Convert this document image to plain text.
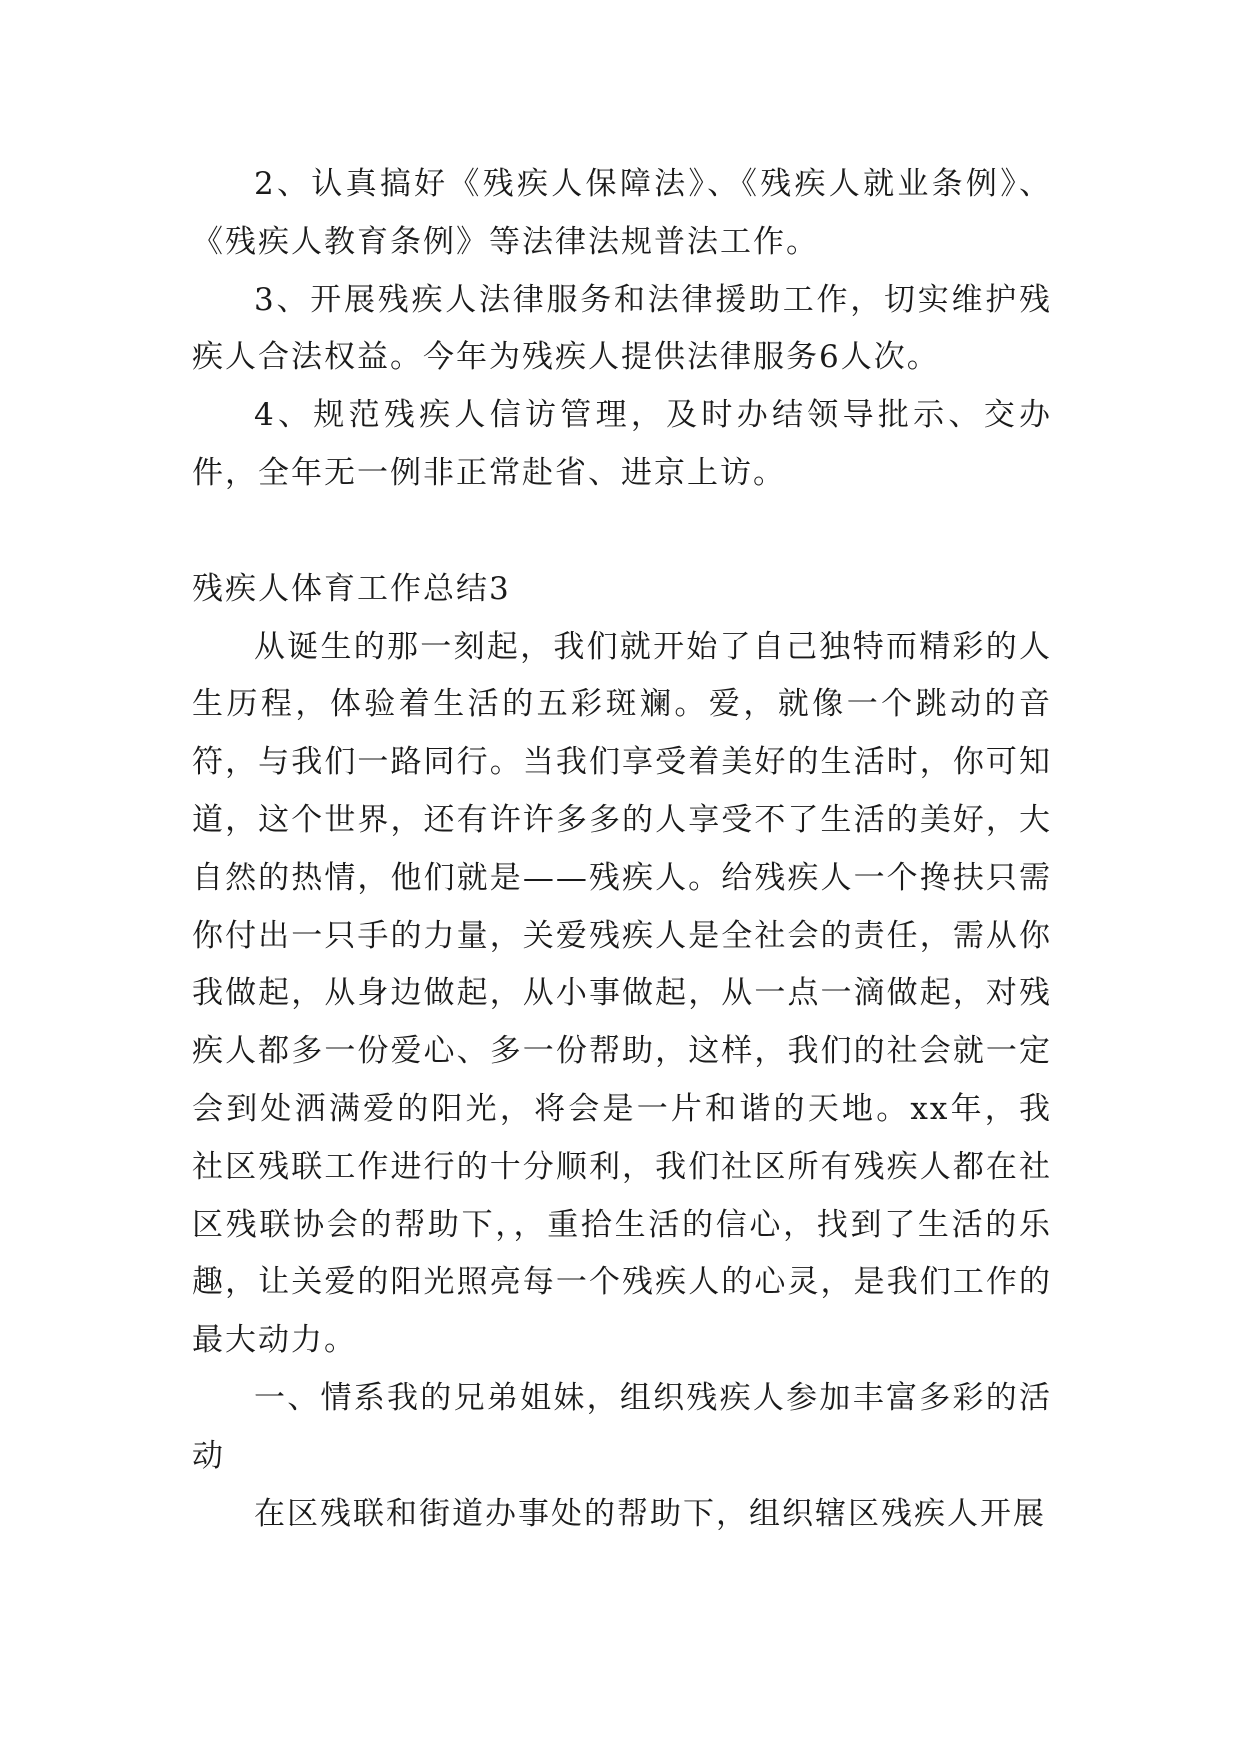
2、认真搞好《残疾人保障法》、《残疾人就业条例》、《残疾人教育条例》等法律法规普法工作。

3、开展残疾人法律服务和法律援助工作，切实维护残疾人合法权益。今年为残疾人提供法律服务6人次。

4、规范残疾人信访管理，及时办结领导批示、交办件，全年无一例非正常赴省、进京上访。

残疾人体育工作总结3

从诞生的那一刻起，我们就开始了自己独特而精彩的人生历程，体验着生活的五彩斑斓。爱，就像一个跳动的音符，与我们一路同行。当我们享受着美好的生活时，你可知道，这个世界，还有许许多多的人享受不了生活的美好，大自然的热情，他们就是——残疾人。给残疾人一个搀扶只需你付出一只手的力量，关爱残疾人是全社会的责任，需从你我做起，从身边做起，从小事做起，从一点一滴做起，对残疾人都多一份爱心、多一份帮助，这样，我们的社会就一定会到处洒满爱的阳光，将会是一片和谐的天地。xx年，我社区残联工作进行的十分顺利，我们社区所有残疾人都在社区残联协会的帮助下，，重拾生活的信心，找到了生活的乐趣，让关爱的阳光照亮每一个残疾人的心灵，是我们工作的最大动力。

一、情系我的兄弟姐妹，组织残疾人参加丰富多彩的活动

在区残联和街道办事处的帮助下，组织辖区残疾人开展
